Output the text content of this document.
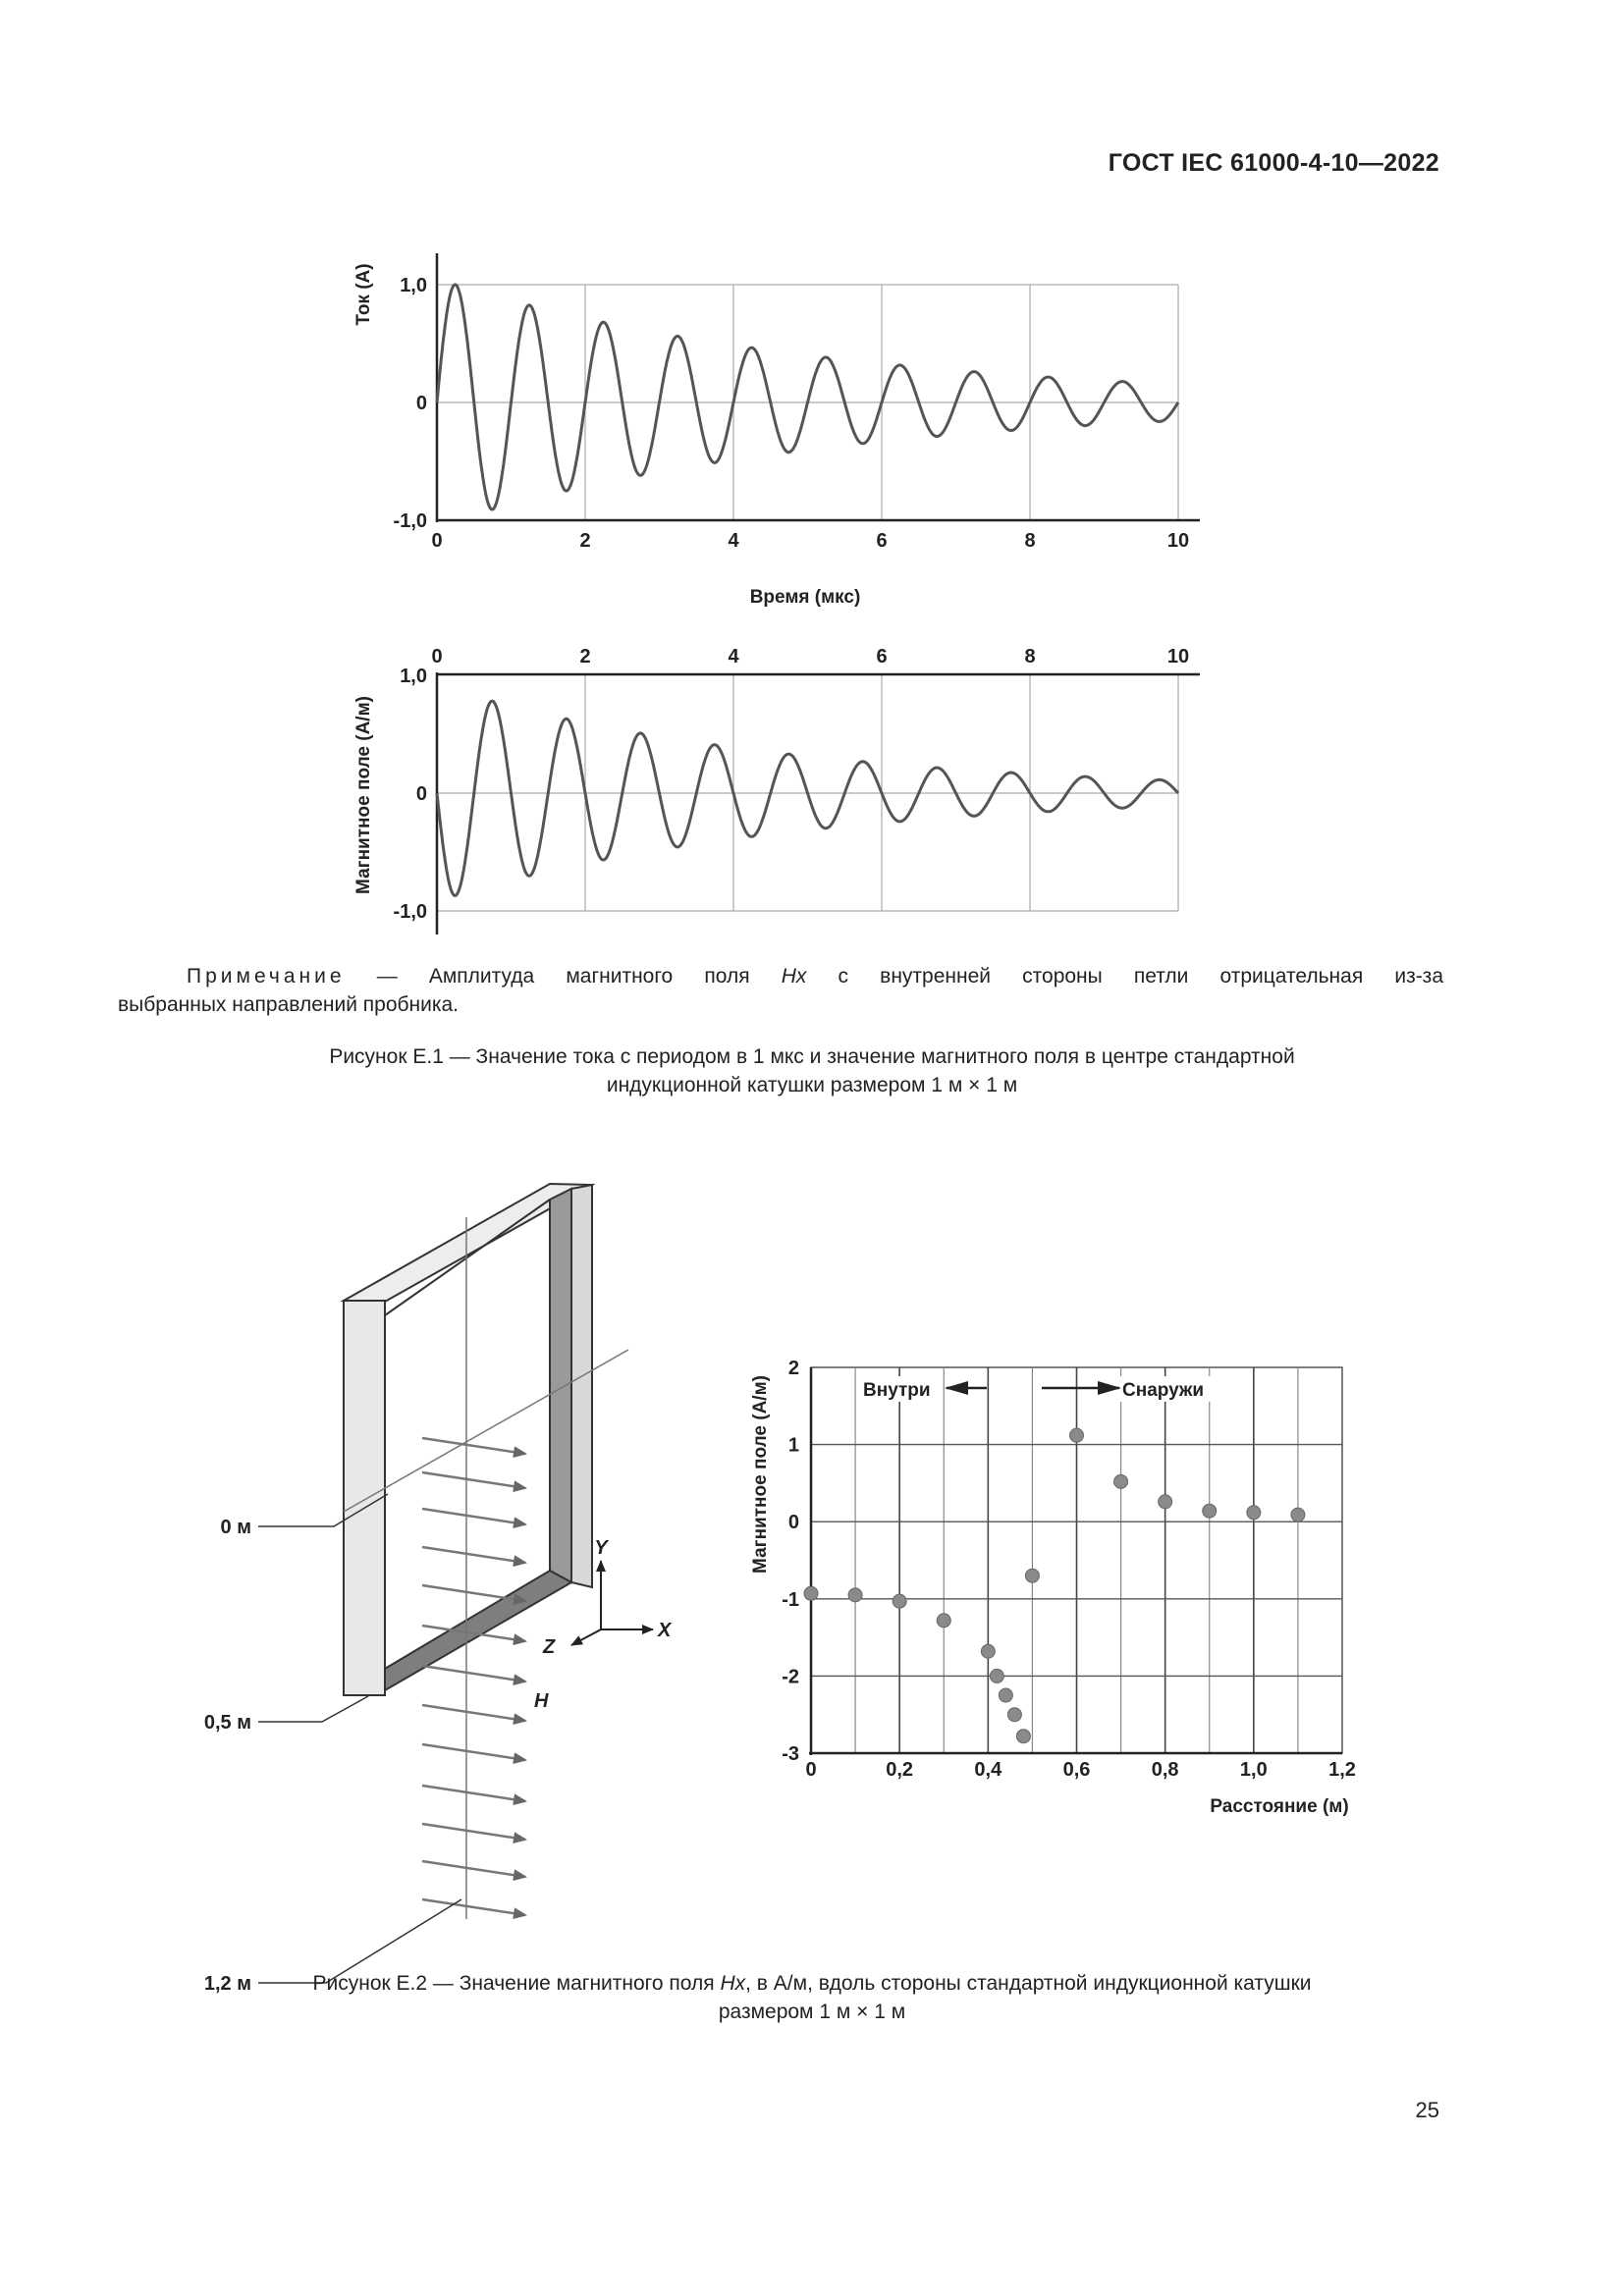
ГОСТ IEC 61000-4-10—2022
1,0
0
-1,0
0	2	4	6	8	10
Ток (А)
Время (мкс)
1,0
0
-1,0
0	2	4	6	8	10
Магнитное поле (А/м)
Примечание — Амплитуда магнитного поля Hx с внутренней стороны петли отрицательная из-за
выбранных направлений пробника.
Рисунок E.1 — Значение тока с периодом в 1 мкс и значение магнитного поля в центре стандартной
индукционной катушки размером 1 м × 1 м
Y
X
Z
H
0 м
0,5 м
1,2 м
2
1
0
-1
-2
-3
0	0,2	0,4	0,6	0,8	1,0	1,2
Внутри	Снаружи
Магнитное поле (А/м)
Расстояние (м)
Рисунок E.2 — Значение магнитного поля Hx, в А/м, вдоль стороны стандартной индукционной катушки
размером 1 м × 1 м
25
